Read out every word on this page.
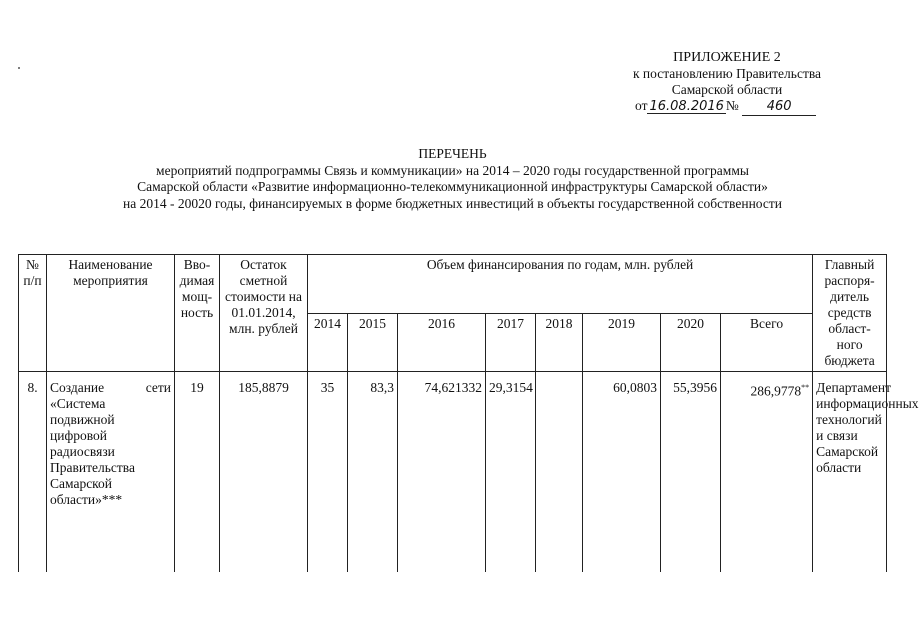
ПРИЛОЖЕНИЕ 2
к постановлению Правительства
Самарской области
от 16.08.2016 № 460
ПЕРЕЧЕНЬ
мероприятий подпрограммы Связь и коммуникации» на 2014 – 2020 годы государственной программы
Самарской области «Развитие информационно-телекоммуникационной инфраструктуры Самарской области»
на 2014 - 20020 годы, финансируемых в форме бюджетных инвестиций в объекты государственной собственности
№ п/п	Наименование мероприятия	Вво-димая мощ-ность	Остаток сметной стоимости на 01.01.2014, млн. рублей	Объем финансирования по годам, млн. рублей								Главный распоря-дитель средств област-ного бюджета
				2014	2015	2016	2017	2018	2019	2020	Всего	
8.	Создание сети «Система подвижной цифровой радиосвязи Правительства Самарской области»***	19	185,8879	35	83,3	74,621332	29,3154		60,0803	55,3956	286,9778**	Департамент информационных технологий и связи Самарской области
